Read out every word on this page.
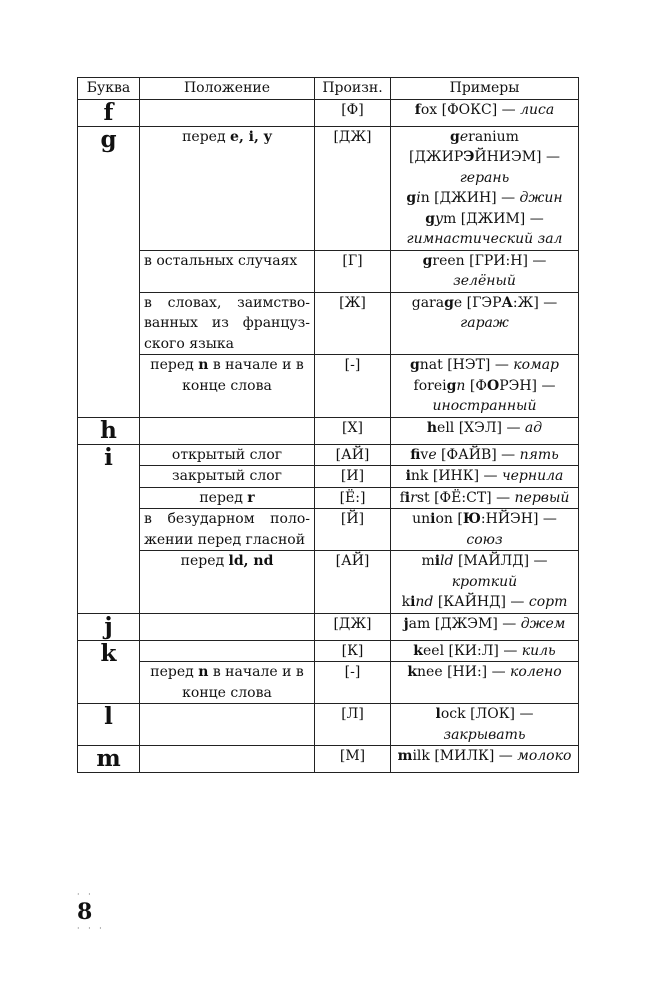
Буква	Положение	Произн.	Примеры
f		[Ф]	fox [ФОКС] — лиса

g	перед e, i, y	[ДЖ]	geranium [ДЖИРЭЙНИЭМ] — герань
gin [ДЖИН] — джин
gym [ДЖИМ] — гимнастический зал

	в остальных случаях	[Г]	green [ГРИ:Н] — зелёный

	в словах, заимствованных из французского языка	[Ж]	garage [ГЭРА:Ж] — гараж

	перед n в начале и в конце слова	[-]	gnat [НЭТ] — комар
foreign [ФОРЭН] — иностранный

h		[Х]	hell [ХЭЛ] — ад

i	открытый слог	[АЙ]	five [ФАЙВ] — пять

	закрытый слог	[И]	ink [ИНК] — чернила

	перед r	[Ё:]	first [ФЁ:СТ] — первый

	в безударном положении перед гласной	[Й]	union [Ю:НЙЭН] — союз

	перед ld, nd	[АЙ]	mild [МАЙЛД] — кроткий
kind [КАЙНД] — сорт

j		[ДЖ]	jam [ДЖЭМ] — джем

k		[К]	keel [КИ:Л] — киль

	перед n в начале и в конце слова	[-]	knee [НИ:] — колено

l		[Л]	lock [ЛОК] — закрывать

m		[М]	milk [МИЛК] — молоко
· ·
8
· · ·
